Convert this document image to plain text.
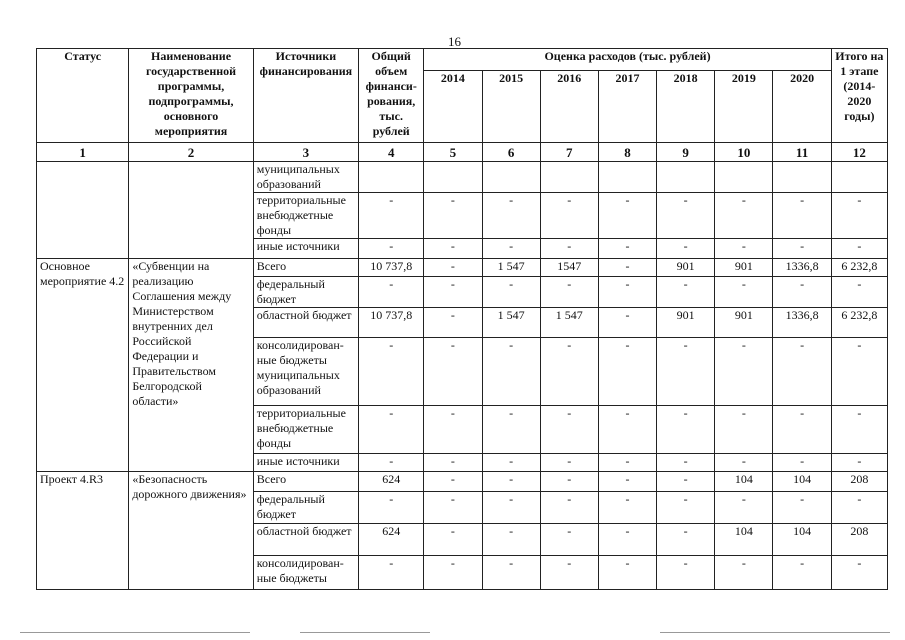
16
Статус	Наименование государственной программы, подпрограммы, основного мероприятия	Источники финансирования	Общий объем финанси-рования, тыс. рублей	Оценка расходов (тыс. рублей)							Итого на 1 этапе (2014-2020 годы)
				2014	2015	2016	2017	2018	2019	2020	
1	2	3	4	5	6	7	8	9	10	11	12
		муниципальных образований									
		территориальные внебюджетные фонды	-	-	-	-	-	-	-	-	-
		иные источники	-	-	-	-	-	-	-	-	-
Основное мероприятие 4.2	«Субвенции на реализацию Соглашения между Министерством внутренних дел Российской Федерации и Правительством Белгородской области»	Всего	10 737,8	-	1 547	1547	-	901	901	1336,8	6 232,8
		федеральный бюджет	-	-	-	-	-	-	-	-	-
		областной бюджет	10 737,8	-	1 547	1 547	-	901	901	1336,8	6 232,8
		консолидирован-ные бюджеты муниципальных образований	-	-	-	-	-	-	-	-	-
		территориальные внебюджетные фонды	-	-	-	-	-	-	-	-	-
		иные источники	-	-	-	-	-	-	-	-	-
Проект 4.R3	«Безопасность дорожного движения»	Всего	624	-	-	-	-	-	104	104	208
		федеральный бюджет	-	-	-	-	-	-	-	-	-
		областной бюджет	624	-	-	-	-	-	104	104	208
		консолидирован-ные бюджеты	-	-	-	-	-	-	-	-	-
